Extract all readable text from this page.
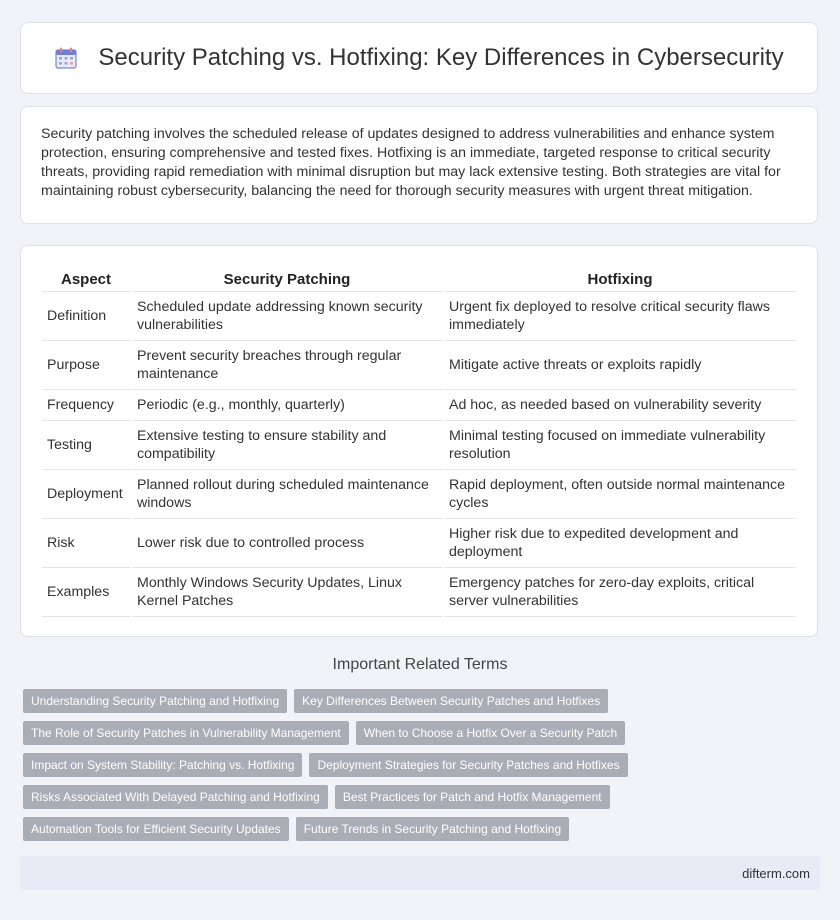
Security Patching vs. Hotfixing: Key Differences in Cybersecurity

Security patching involves the scheduled release of updates designed to address vulnerabilities and enhance system protection, ensuring comprehensive and tested fixes. Hotfixing is an immediate, targeted response to critical security threats, providing rapid remediation with minimal disruption but may lack extensive testing. Both strategies are vital for maintaining robust cybersecurity, balancing the need for thorough security measures with urgent threat mitigation.

Aspect	Security Patching	Hotfixing
Definition	Scheduled update addressing known security vulnerabilities	Urgent fix deployed to resolve critical security flaws immediately
Purpose	Prevent security breaches through regular maintenance	Mitigate active threats or exploits rapidly
Frequency	Periodic (e.g., monthly, quarterly)	Ad hoc, as needed based on vulnerability severity
Testing	Extensive testing to ensure stability and compatibility	Minimal testing focused on immediate vulnerability resolution
Deployment	Planned rollout during scheduled maintenance windows	Rapid deployment, often outside normal maintenance cycles
Risk	Lower risk due to controlled process	Higher risk due to expedited development and deployment
Examples	Monthly Windows Security Updates, Linux Kernel Patches	Emergency patches for zero-day exploits, critical server vulnerabilities
Important Related Terms
Understanding Security Patching and Hotfixing	Key Differences Between Security Patches and Hotfixes
The Role of Security Patches in Vulnerability Management	When to Choose a Hotfix Over a Security Patch
Impact on System Stability: Patching vs. Hotfixing	Deployment Strategies for Security Patches and Hotfixes
Risks Associated With Delayed Patching and Hotfixing	Best Practices for Patch and Hotfix Management
Automation Tools for Efficient Security Updates	Future Trends in Security Patching and Hotfixing
difterm.com
